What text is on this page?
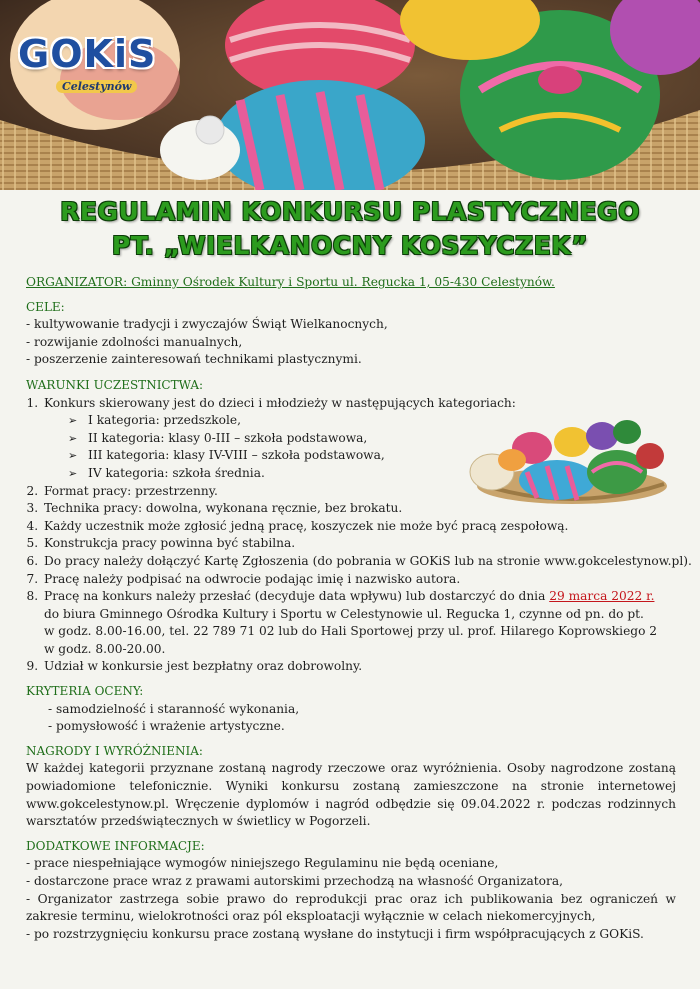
GOKiS
Celestynów
REGULAMIN KONKURSU PLASTYCZNEGO
PT. „WIELKANOCNY KOSZYCZEK”
ORGANIZATOR: Gminny Ośrodek Kultury i Sportu ul. Regucka 1, 05-430 Celestynów.
CELE:
- kultywowanie tradycji i zwyczajów Świąt Wielkanocnych,
- rozwijanie zdolności manualnych,
- poszerzenie zainteresowań technikami plastycznymi.
WARUNKI UCZESTNICTWA:
1. Konkurs skierowany jest do dzieci i młodzieży w następujących kategoriach:
➢ I kategoria: przedszkole,
➢ II kategoria: klasy 0-III – szkoła podstawowa,
➢ III kategoria: klasy IV-VIII – szkoła podstawowa,
➢ IV kategoria: szkoła średnia.
2. Format pracy: przestrzenny.
3. Technika pracy: dowolna, wykonana ręcznie, bez brokatu.
4. Każdy uczestnik może zgłosić jedną pracę, koszyczek nie może być pracą zespołową.
5. Konstrukcja pracy powinna być stabilna.
6. Do pracy należy dołączyć Kartę Zgłoszenia (do pobrania w GOKiS lub na stronie www.gokcelestynow.pl).
7. Pracę należy podpisać na odwrocie podając imię i nazwisko autora.
8. Pracę na konkurs należy przesłać (decyduje data wpływu) lub dostarczyć do dnia 29 marca 2022 r.
do biura Gminnego Ośrodka Kultury i Sportu w Celestynowie ul. Regucka 1, czynne od pn. do pt.
w godz. 8.00-16.00, tel. 22 789 71 02 lub do Hali Sportowej przy ul. prof. Hilarego Koprowskiego 2
w godz. 8.00-20.00.
9. Udział w konkursie jest bezpłatny oraz dobrowolny.
KRYTERIA OCENY:
- samodzielność i staranność wykonania,
- pomysłowość i wrażenie artystyczne.
NAGRODY I WYRÓŻNIENIA:
W każdej kategorii przyznane zostaną nagrody rzeczowe oraz wyróżnienia. Osoby nagrodzone zostaną powiadomione telefonicznie. Wyniki konkursu zostaną zamieszczone na stronie internetowej www.gokcelestynow.pl. Wręczenie dyplomów i nagród odbędzie się 09.04.2022 r. podczas rodzinnych warsztatów przedświątecznych w świetlicy w Pogorzeli.
DODATKOWE INFORMACJE:
- prace niespełniające wymogów niniejszego Regulaminu nie będą oceniane,
- dostarczone prace wraz z prawami autorskimi przechodzą na własność Organizatora,
- Organizator zastrzega sobie prawo do reprodukcji prac oraz ich publikowania bez ograniczeń w zakresie terminu, wielokrotności oraz pól eksploatacji wyłącznie w celach niekomercyjnych,
- po rozstrzygnięciu konkursu prace zostaną wysłane do instytucji i firm współpracujących z GOKiS.
